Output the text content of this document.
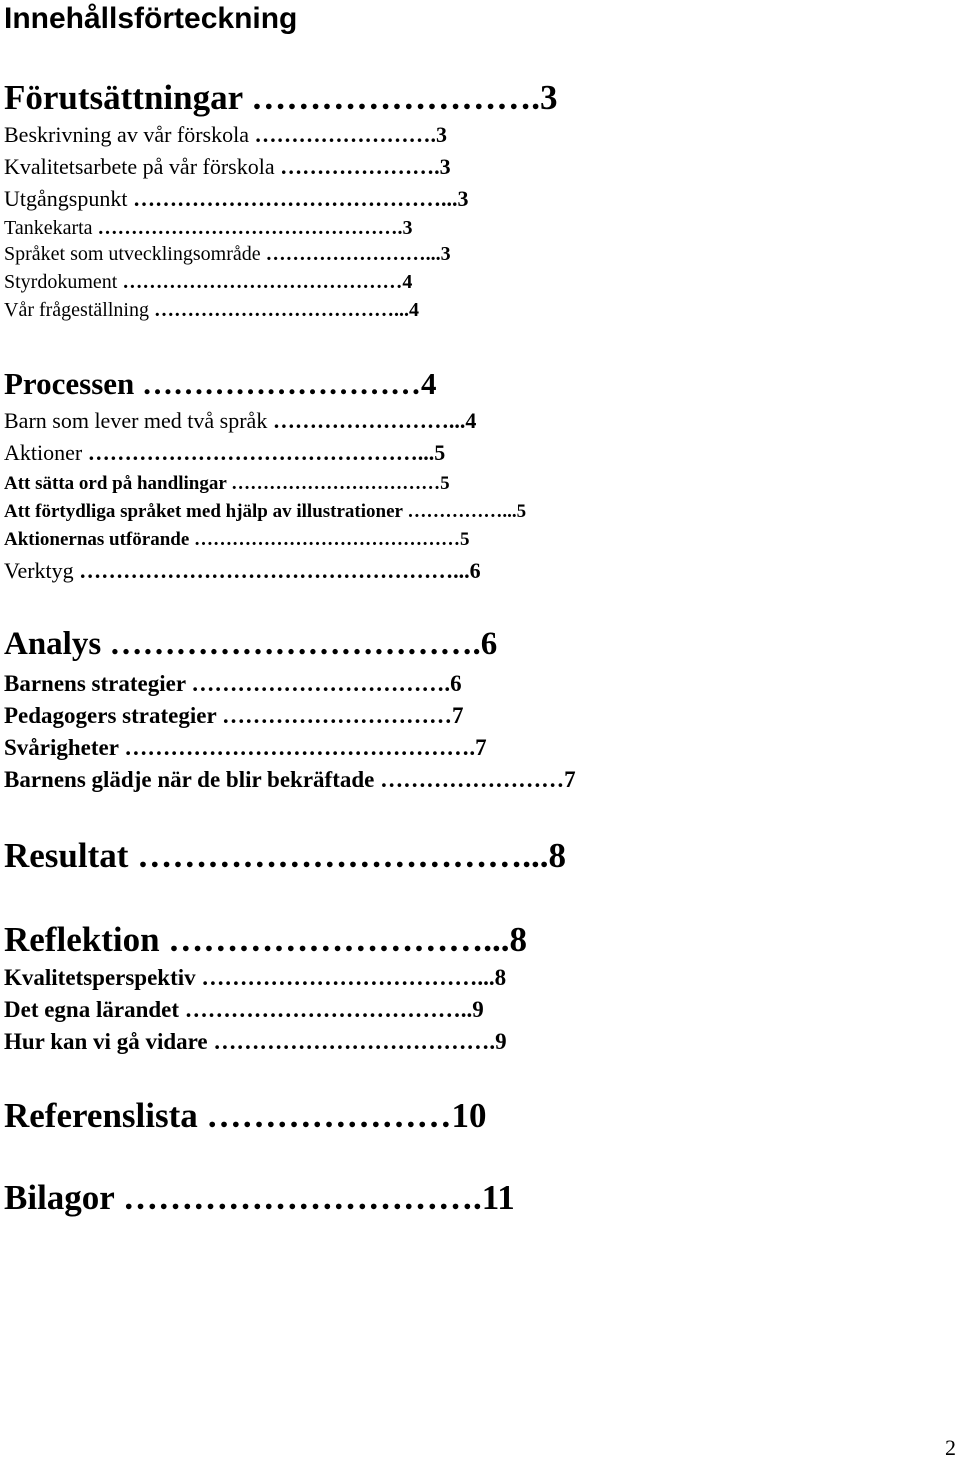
Innehållsförteckning
Förutsättningar …………………….3
Beskrivning av vår förskola …………………….3
Kvalitetsarbete på vår förskola ………………….3
Utgångspunkt ……………………………………...3
Tankekarta ……………………………………….3
Språket som utvecklingsområde ……………………...3
Styrdokument ……………………………………4
Vår frågeställning ………………………………...4
Processen ………………………4
Barn som lever med två språk ……………………...4
Aktioner ………………………………………...5
Att sätta ord på handlingar ……………………………5
Att förtydliga språket med hjälp av illustrationer ……………...5
Aktionernas utförande ……………………………………5
Verktyg ……………………………………………...6
Analys …………………………….6
Barnens strategier …………………………….6
Pedagogers strategier …………………………7
Svårigheter ……………………………………….7
Barnens glädje när de blir bekräftade ……………………7
Resultat ……………………………...8
Reflektion ………………………...8
Kvalitetsperspektiv ………………………………...8
Det egna lärandet ………………………………..9
Hur kan vi gå vidare ……………………………….9
Referenslista …………………10
Bilagor ………………………….11

2
